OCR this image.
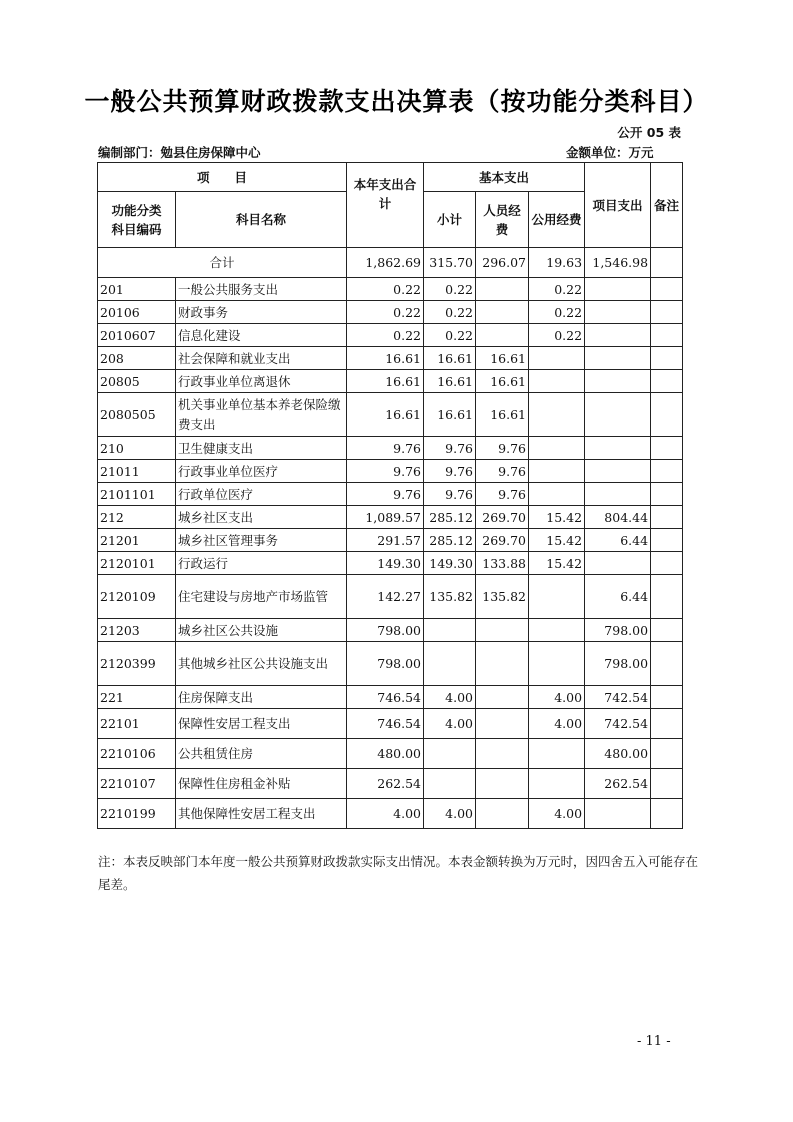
一般公共预算财政拨款支出决算表（按功能分类科目）
公开 05 表
编制部门：勉县住房保障中心	金额单位：万元
项　　目		本年支出合计	基本支出			项目支出	备注
功能分类
科目编码	科目名称		小计	人员经费	公用经费		
合计		1,862.69	315.70	296.07	19.63	1,546.98	
201	一般公共服务支出	0.22	0.22		0.22		
20106	财政事务	0.22	0.22		0.22		
2010607	信息化建设	0.22	0.22		0.22		
208	社会保障和就业支出	16.61	16.61	16.61			
20805	行政事业单位离退休	16.61	16.61	16.61			
2080505	机关事业单位基本养老保险缴费支出	16.61	16.61	16.61			
210	卫生健康支出	9.76	9.76	9.76			
21011	行政事业单位医疗	9.76	9.76	9.76			
2101101	行政单位医疗	9.76	9.76	9.76			
212	城乡社区支出	1,089.57	285.12	269.70	15.42	804.44	
21201	城乡社区管理事务	291.57	285.12	269.70	15.42	6.44	
2120101	行政运行	149.30	149.30	133.88	15.42		
2120109	住宅建设与房地产市场监管	142.27	135.82	135.82		6.44	
21203	城乡社区公共设施	798.00				798.00	
2120399	其他城乡社区公共设施支出	798.00				798.00	
221	住房保障支出	746.54	4.00		4.00	742.54	
22101	保障性安居工程支出	746.54	4.00		4.00	742.54	
2210106	公共租赁住房	480.00				480.00	
2210107	保障性住房租金补贴	262.54				262.54	
2210199	其他保障性安居工程支出	4.00	4.00		4.00		
注：本表反映部门本年度一般公共预算财政拨款实际支出情况。本表金额转换为万元时，因四舍五入可能存在尾差。
- 11 -
